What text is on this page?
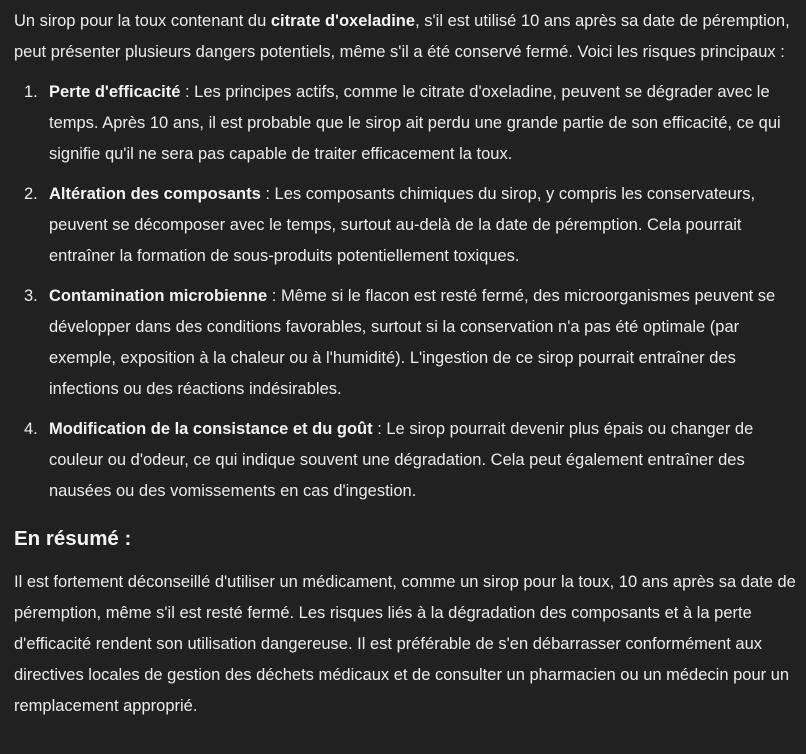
Un sirop pour la toux contenant du citrate d'oxeladine, s'il est utilisé 10 ans après sa date de péremption, peut présenter plusieurs dangers potentiels, même s'il a été conservé fermé. Voici les risques principaux :

1. Perte d'efficacité : Les principes actifs, comme le citrate d'oxeladine, peuvent se dégrader avec le temps. Après 10 ans, il est probable que le sirop ait perdu une grande partie de son efficacité, ce qui signifie qu'il ne sera pas capable de traiter efficacement la toux.
2. Altération des composants : Les composants chimiques du sirop, y compris les conservateurs, peuvent se décomposer avec le temps, surtout au-delà de la date de péremption. Cela pourrait entraîner la formation de sous-produits potentiellement toxiques.
3. Contamination microbienne : Même si le flacon est resté fermé, des microorganismes peuvent se développer dans des conditions favorables, surtout si la conservation n'a pas été optimale (par exemple, exposition à la chaleur ou à l'humidité). L'ingestion de ce sirop pourrait entraîner des infections ou des réactions indésirables.
4. Modification de la consistance et du goût : Le sirop pourrait devenir plus épais ou changer de couleur ou d'odeur, ce qui indique souvent une dégradation. Cela peut également entraîner des nausées ou des vomissements en cas d'ingestion.
En résumé :

Il est fortement déconseillé d'utiliser un médicament, comme un sirop pour la toux, 10 ans après sa date de péremption, même s'il est resté fermé. Les risques liés à la dégradation des composants et à la perte d'efficacité rendent son utilisation dangereuse. Il est préférable de s'en débarrasser conformément aux directives locales de gestion des déchets médicaux et de consulter un pharmacien ou un médecin pour un remplacement approprié.
